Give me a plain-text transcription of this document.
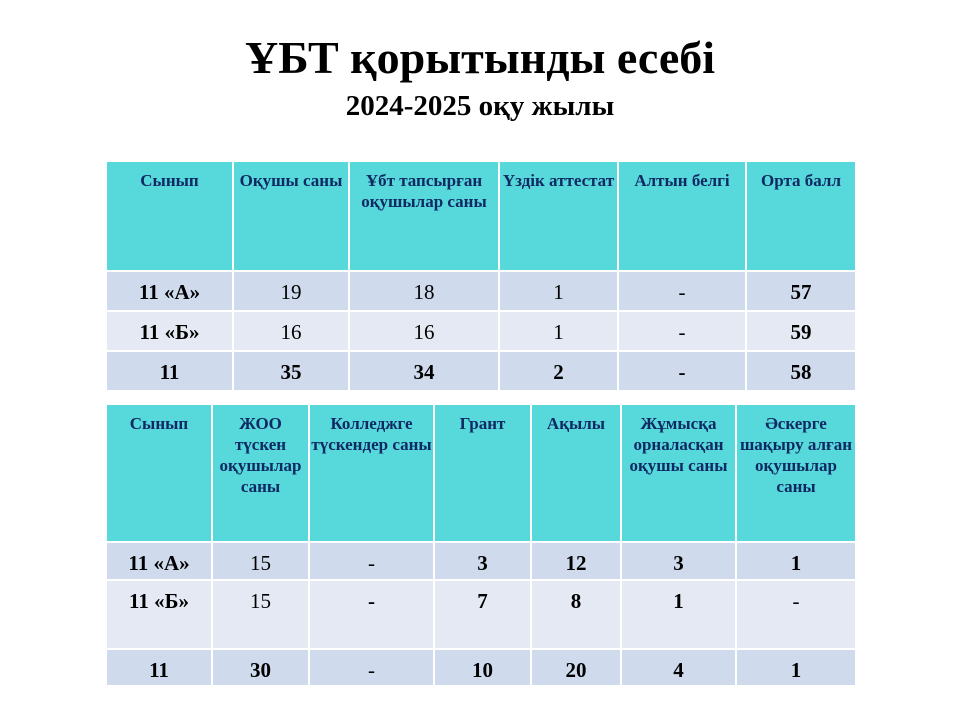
ҰБТ қорытынды есебі
2024-2025 оқу жылы
Сынып	Оқушы саны	Ұбт тапсырған оқушылар саны	Үздік аттестат	Алтын белгі	Орта балл
11 «А»	19	18	1	-	57
11 «Б»	16	16	1	-	59
11	35	34	2	-	58
Сынып	ЖОО түскен оқушылар саны	Колледжге түскендер саны	Грант	Ақылы	Жұмысқа орналасқан оқушы саны	Әскерге шақыру алған оқушылар саны
11 «А»	15	-	3	12	3	1
11 «Б»	15	-	7	8	1	-
11	30	-	10	20	4	1
